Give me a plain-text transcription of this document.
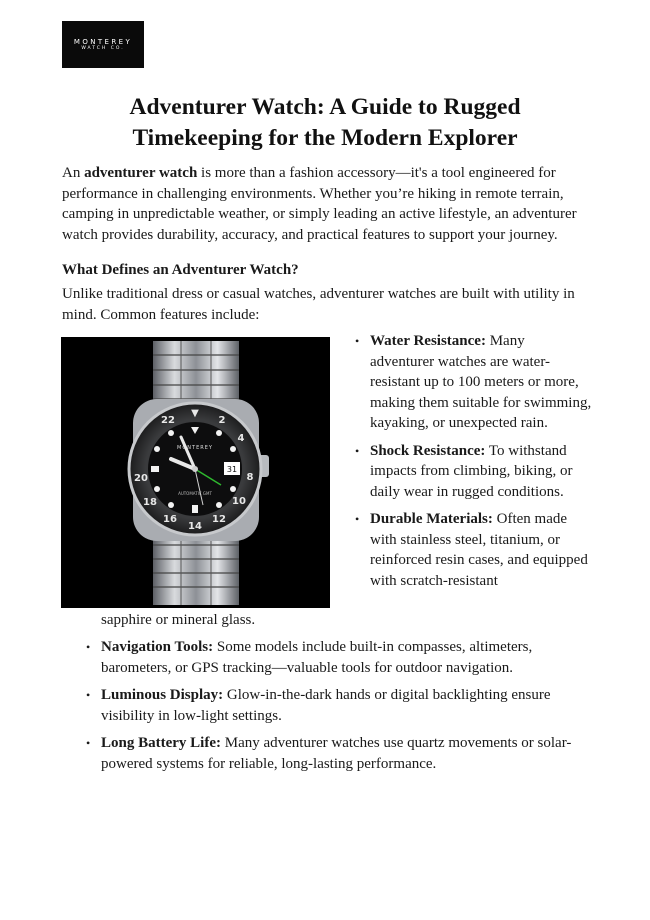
MONTEREY
WATCH CO.
Adventurer Watch: A Guide to Rugged Timekeeping for the Modern Explorer

An adventurer watch is more than a fashion accessory—it's a tool engineered for performance in challenging environments. Whether you’re hiking in remote terrain, camping in unpredictable weather, or simply leading an active lifestyle, an adventurer watch provides durability, accuracy, and practical features to support your journey.

What Defines an Adventurer Watch?

Unlike traditional dress or casual watches, adventurer watches are built with utility in mind. Common features include:

▼
2
4
8
10
12
14
16
18
20
22
31
MONTEREY
AUTOMATIC GMT
• Water Resistance: Many adventurer watches are water-resistant up to 100 meters or more, making them suitable for swimming, kayaking, or unexpected rain.
• Shock Resistance: To withstand impacts from climbing, biking, or daily wear in rugged conditions.
• Durable Materials: Often made with stainless steel, titanium, or reinforced resin cases, and equipped with scratch-resistant
sapphire or mineral glass.
• Navigation Tools: Some models include built-in compasses, altimeters, barometers, or GPS tracking—valuable tools for outdoor navigation.
• Luminous Display: Glow-in-the-dark hands or digital backlighting ensure visibility in low-light settings.
• Long Battery Life: Many adventurer watches use quartz movements or solar-powered systems for reliable, long-lasting performance.
